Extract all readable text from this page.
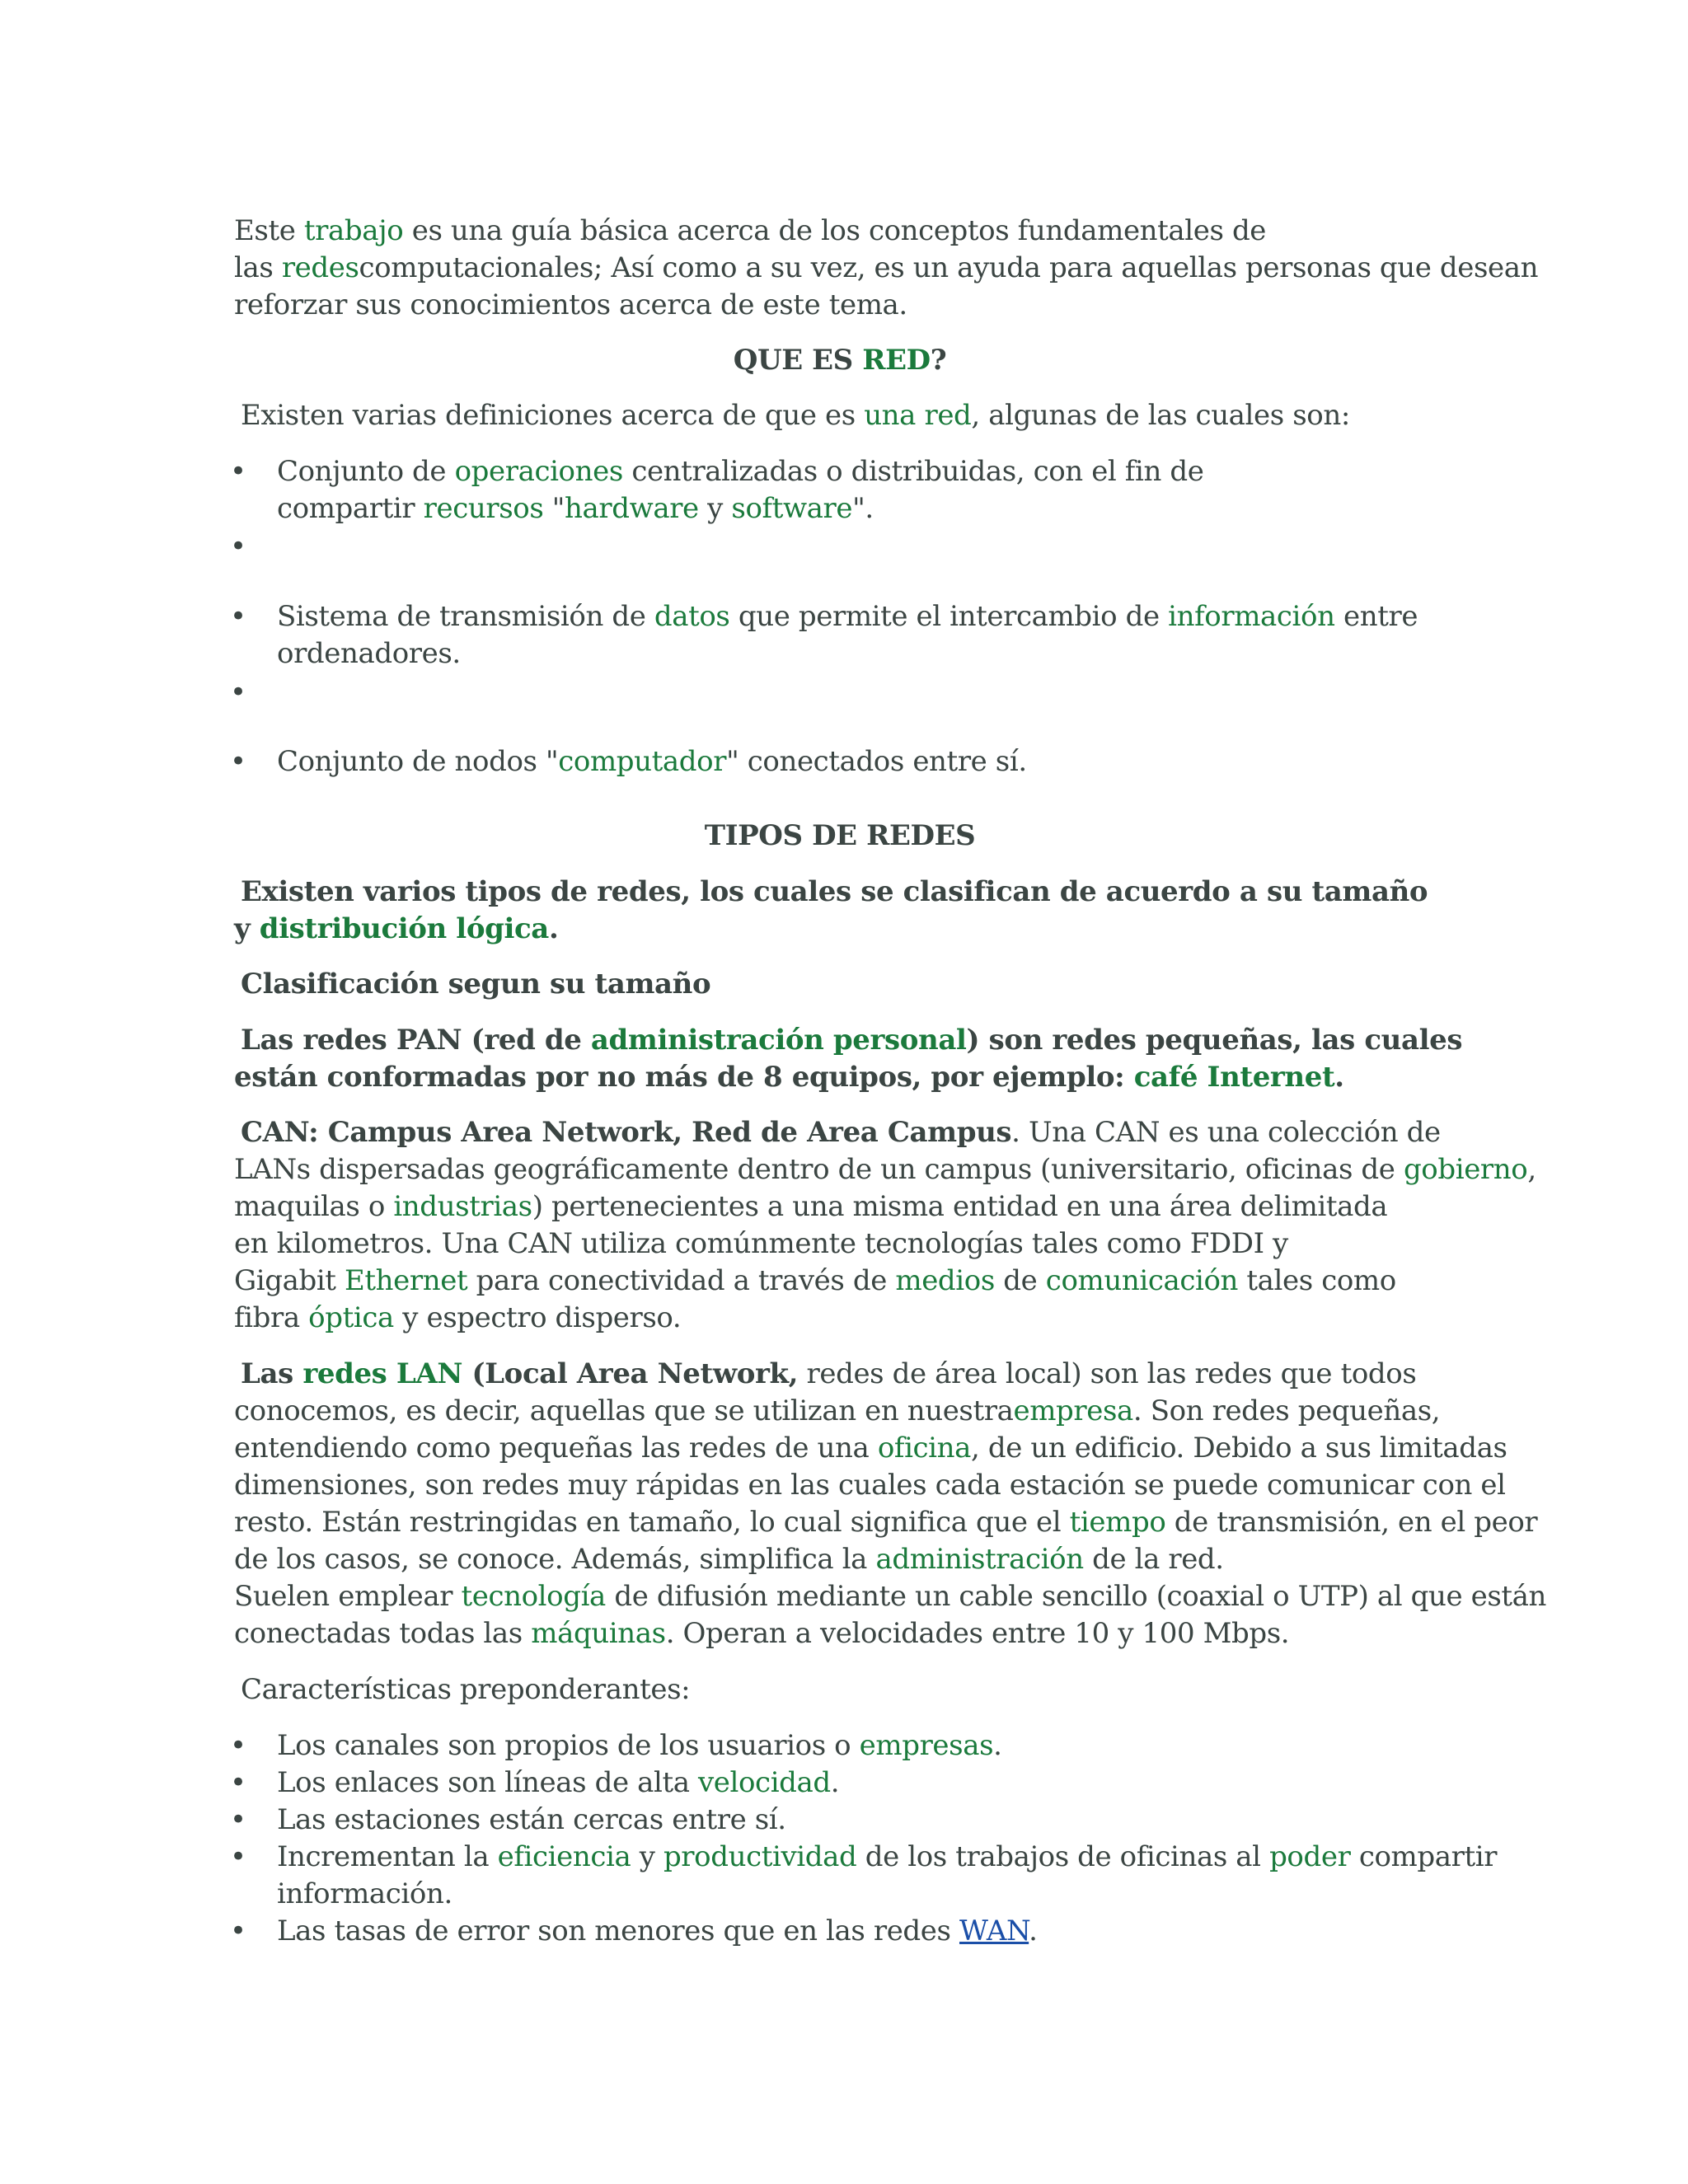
Este trabajo es una guía básica acerca de los conceptos fundamentales de
las redescomputacionales; Así como a su vez, es un ayuda para aquellas personas que desean
reforzar sus conocimientos acerca de este tema.
QUE ES RED?
Existen varias definiciones acerca de que es una red, algunas de las cuales son:
• Conjunto de operaciones centralizadas o distribuidas, con el fin de
compartir recursos "hardware y software".
•
• Sistema de transmisión de datos que permite el intercambio de información entre
ordenadores.
•
• Conjunto de nodos "computador" conectados entre sí.
TIPOS DE REDES
Existen varios tipos de redes, los cuales se clasifican de acuerdo a su tamaño
y distribución lógica.
Clasificación segun su tamaño
Las redes PAN (red de administración personal) son redes pequeñas, las cuales
están conformadas por no más de 8 equipos, por ejemplo: café Internet.
CAN: Campus Area Network, Red de Area Campus. Una CAN es una colección de
LANs dispersadas geográficamente dentro de un campus (universitario, oficinas de gobierno,
maquilas o industrias) pertenecientes a una misma entidad en una área delimitada
en kilometros. Una CAN utiliza comúnmente tecnologías tales como FDDI y
Gigabit Ethernet para conectividad a través de medios de comunicación tales como
fibra óptica y espectro disperso.
Las redes LAN (Local Area Network, redes de área local) son las redes que todos
conocemos, es decir, aquellas que se utilizan en nuestraempresa. Son redes pequeñas,
entendiendo como pequeñas las redes de una oficina, de un edificio. Debido a sus limitadas
dimensiones, son redes muy rápidas en las cuales cada estación se puede comunicar con el
resto. Están restringidas en tamaño, lo cual significa que el tiempo de transmisión, en el peor
de los casos, se conoce. Además, simplifica la administración de la red.
Suelen emplear tecnología de difusión mediante un cable sencillo (coaxial o UTP) al que están
conectadas todas las máquinas. Operan a velocidades entre 10 y 100 Mbps.
Características preponderantes:
• Los canales son propios de los usuarios o empresas.
• Los enlaces son líneas de alta velocidad.
• Las estaciones están cercas entre sí.
• Incrementan la eficiencia y productividad de los trabajos de oficinas al poder compartir
información.
• Las tasas de error son menores que en las redes WAN.
